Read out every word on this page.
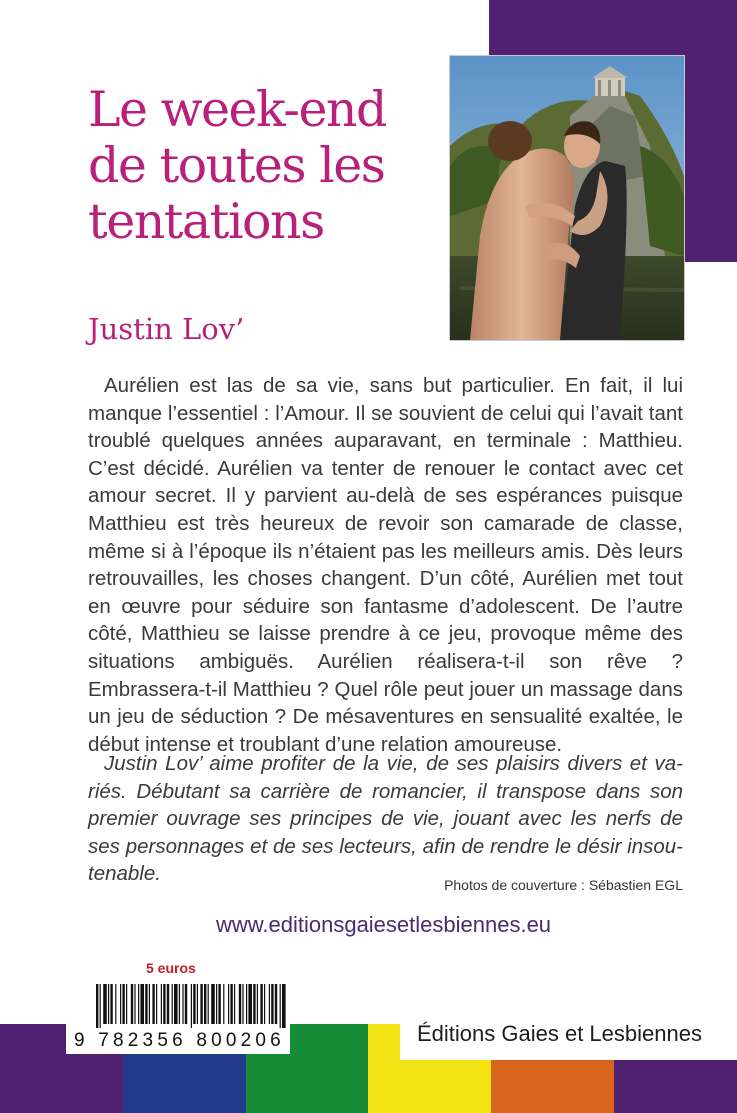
Le week-end
de toutes les
tentations

Justin Lov’

Aurélien est las de sa vie, sans but particulier. En fait, il lui manque l’essentiel : l’Amour. Il se souvient de celui qui l’avait tant troublé quelques années auparavant, en terminale : Matthieu. C’est décidé. Aurélien va tenter de renouer le contact avec cet amour secret. Il y parvient au-delà de ses espérances puisque Matthieu est très heureux de revoir son camarade de classe, même si à l’époque ils n’étaient pas les meilleurs amis. Dès leurs retrouvailles, les choses changent. D’un côté, Aurélien met tout en œuvre pour séduire son fantasme d’adolescent. De l’autre côté, Matthieu se laisse prendre à ce jeu, provoque même des situations ambiguës. Aurélien réalisera-t-il son rêve ? Embrassera-t-il Matthieu ? Quel rôle peut jouer un massage dans un jeu de séduction ? De mésaventures en sensualité exaltée, le début intense et troublant d’une relation amoureuse.

Justin Lov’ aime profiter de la vie, de ses plaisirs divers et variés. Débutant sa carrière de romancier, il transpose dans son premier ouvrage ses principes de vie, jouant avec les nerfs de ses personnages et de ses lecteurs, afin de rendre le désir insoutenable.	Photos de couverture : Sébastien EGL

www.editionsgaiesetlesbiennes.eu

5 euros

9 782356 800206	Éditions Gaies et Lesbiennes
